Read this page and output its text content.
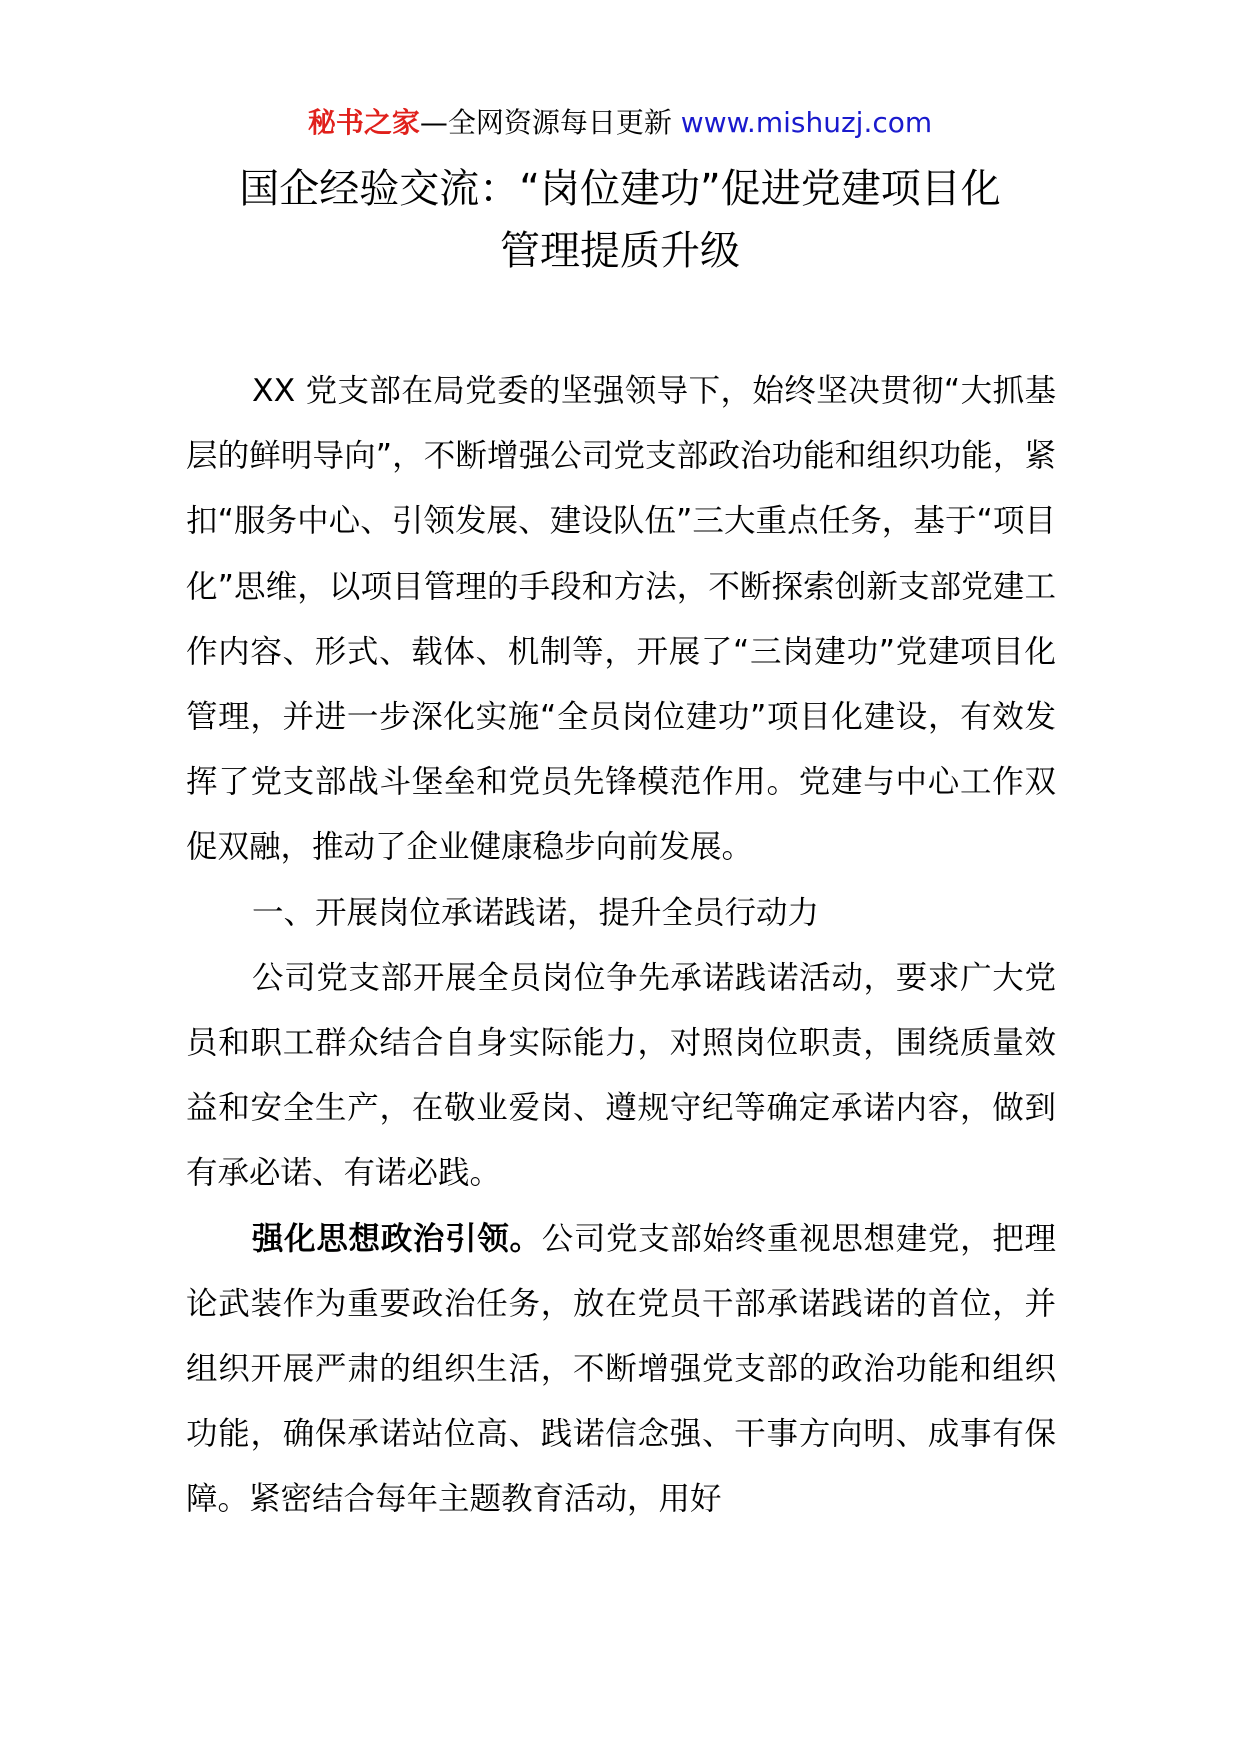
秘书之家—全网资源每日更新 www.mishuzj.com
国企经验交流：“岗位建功”促进党建项目化
管理提质升级

XX 党支部在局党委的坚强领导下，始终坚决贯彻“大抓基层的鲜明导向”，不断增强公司党支部政治功能和组织功能，紧扣“服务中心、引领发展、建设队伍”三大重点任务，基于“项目化”思维，以项目管理的手段和方法，不断探索创新支部党建工作内容、形式、载体、机制等，开展了“三岗建功”党建项目化管理，并进一步深化实施“全员岗位建功”项目化建设，有效发挥了党支部战斗堡垒和党员先锋模范作用。党建与中心工作双促双融，推动了企业健康稳步向前发展。

一、开展岗位承诺践诺，提升全员行动力

公司党支部开展全员岗位争先承诺践诺活动，要求广大党员和职工群众结合自身实际能力，对照岗位职责，围绕质量效益和安全生产，在敬业爱岗、遵规守纪等确定承诺内容，做到有承必诺、有诺必践。

强化思想政治引领。公司党支部始终重视思想建党，把理论武装作为重要政治任务，放在党员干部承诺践诺的首位，并组织开展严肃的组织生活，不断增强党支部的政治功能和组织功能，确保承诺站位高、践诺信念强、干事方向明、成事有保障。紧密结合每年主题教育活动，用好
